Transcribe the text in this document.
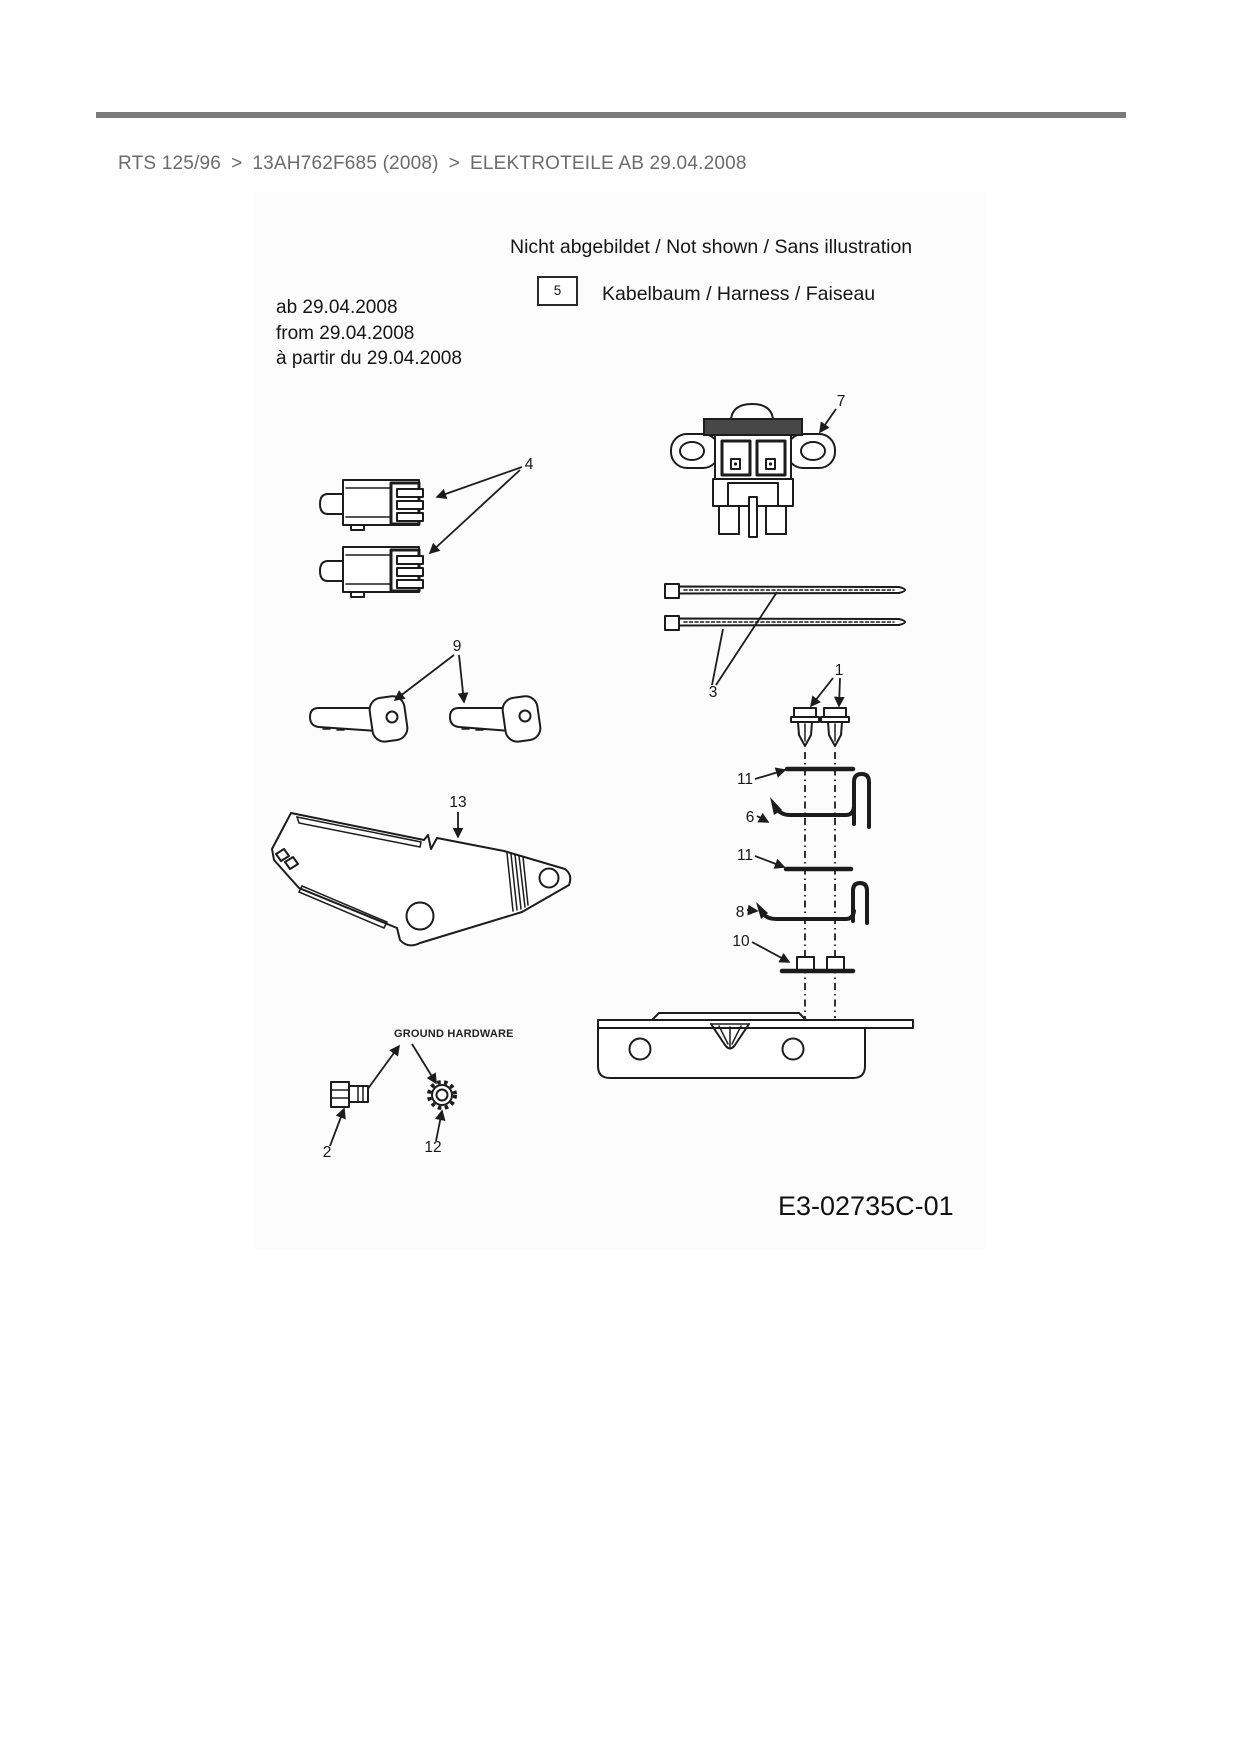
RTS 125/96 > 13AH762F685 (2008) > ELEKTROTEILE AB 29.04.2008
Nicht abgebildet / Not shown / Sans illustration
ab 29.04.2008
from 29.04.2008
à partir du 29.04.2008
5	Kabelbaum / Harness / Faiseau
GROUND HARDWARE
E3-02735C-01
4
7
3
9
1
11
6
11
8
10
13
2	12
